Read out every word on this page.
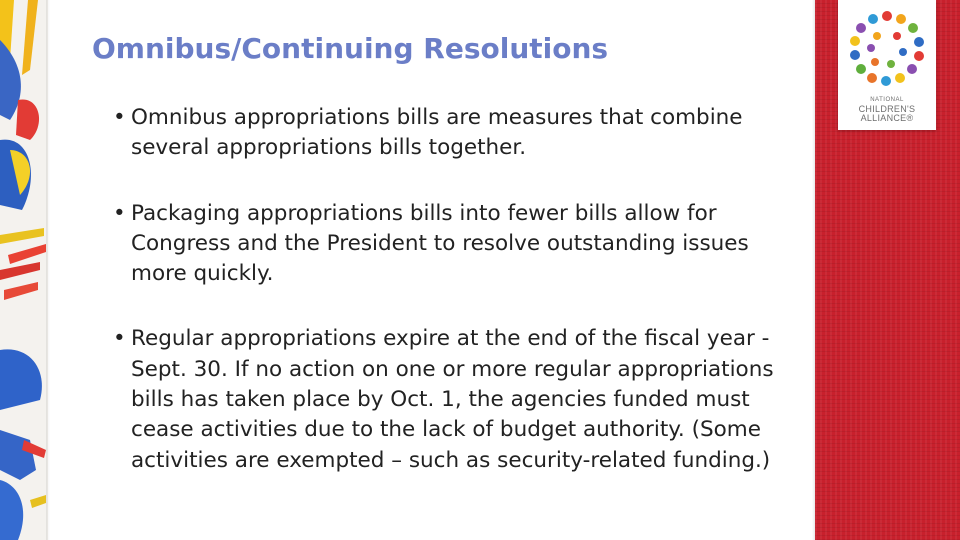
NATIONAL
CHILDREN'S
ALLIANCE®
Omnibus/Continuing Resolutions
• Omnibus appropriations bills are measures that combine several appropriations bills together.
• Packaging appropriations bills into fewer bills allow for Congress and the President to resolve outstanding issues more quickly.
• Regular appropriations expire at the end of the fiscal year - Sept. 30. If no action on one or more regular appropriations bills has taken place by Oct. 1, the agencies funded must cease activities due to the lack of budget authority. (Some activities are exempted – such as security-related funding.)
